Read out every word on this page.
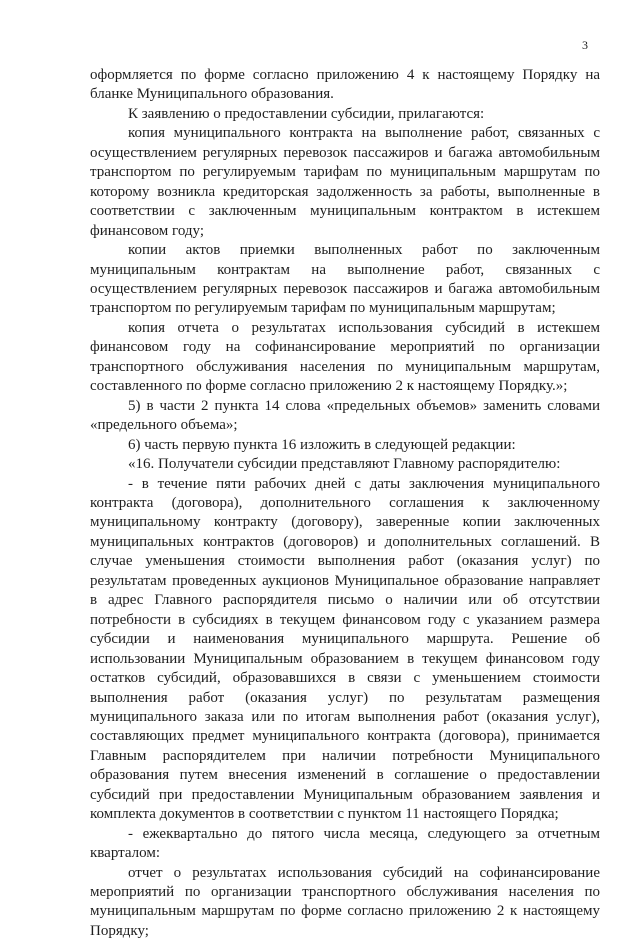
3

оформляется по форме согласно приложению 4 к настоящему Порядку на бланке Муниципального образования.

К заявлению о предоставлении субсидии, прилагаются:

копия муниципального контракта на выполнение работ, связанных с осуществлением регулярных перевозок пассажиров и багажа автомобильным транспортом по регулируемым тарифам по муниципальным маршрутам по которому возникла кредиторская задолженность за работы, выполненные в соответствии с заключенным муниципальным контрактом в истекшем финансовом году;

копии актов приемки выполненных работ по заключенным муниципальным контрактам на выполнение работ, связанных с осуществлением регулярных перевозок пассажиров и багажа автомобильным транспортом по регулируемым тарифам по муниципальным маршрутам;

копия отчета о результатах использования субсидий в истекшем финансовом году на софинансирование мероприятий по организации транспортного обслуживания населения по муниципальным маршрутам, составленного по форме согласно приложению 2 к настоящему Порядку.»;

5) в части 2 пункта 14 слова «предельных объемов» заменить словами «предельного объема»;

6) часть первую пункта 16 изложить в следующей редакции:

«16. Получатели субсидии представляют Главному распорядителю:

- в течение пяти рабочих дней с даты заключения муниципального контракта (договора), дополнительного соглашения к заключенному муниципальному контракту (договору), заверенные копии заключенных муниципальных контрактов (договоров) и дополнительных соглашений. В случае уменьшения стоимости выполнения работ (оказания услуг) по результатам проведенных аукционов Муниципальное образование направляет в адрес Главного распорядителя письмо о наличии или об отсутствии потребности в субсидиях в текущем финансовом году с указанием размера субсидии и наименования муниципального маршрута. Решение об использовании Муниципальным образованием в текущем финансовом году остатков субсидий, образовавшихся в связи с уменьшением стоимости выполнения работ (оказания услуг) по результатам размещения муниципального заказа или по итогам выполнения работ (оказания услуг), составляющих предмет муниципального контракта (договора), принимается Главным распорядителем при наличии потребности Муниципального образования путем внесения изменений в соглашение о предоставлении субсидий при предоставлении Муниципальным образованием заявления и комплекта документов в соответствии с пунктом 11 настоящего Порядка;

- ежеквартально до пятого числа месяца, следующего за отчетным кварталом:

отчет о результатах использования субсидий на софинансирование мероприятий по организации транспортного обслуживания населения по муниципальным маршрутам по форме согласно приложению 2 к настоящему Порядку;
